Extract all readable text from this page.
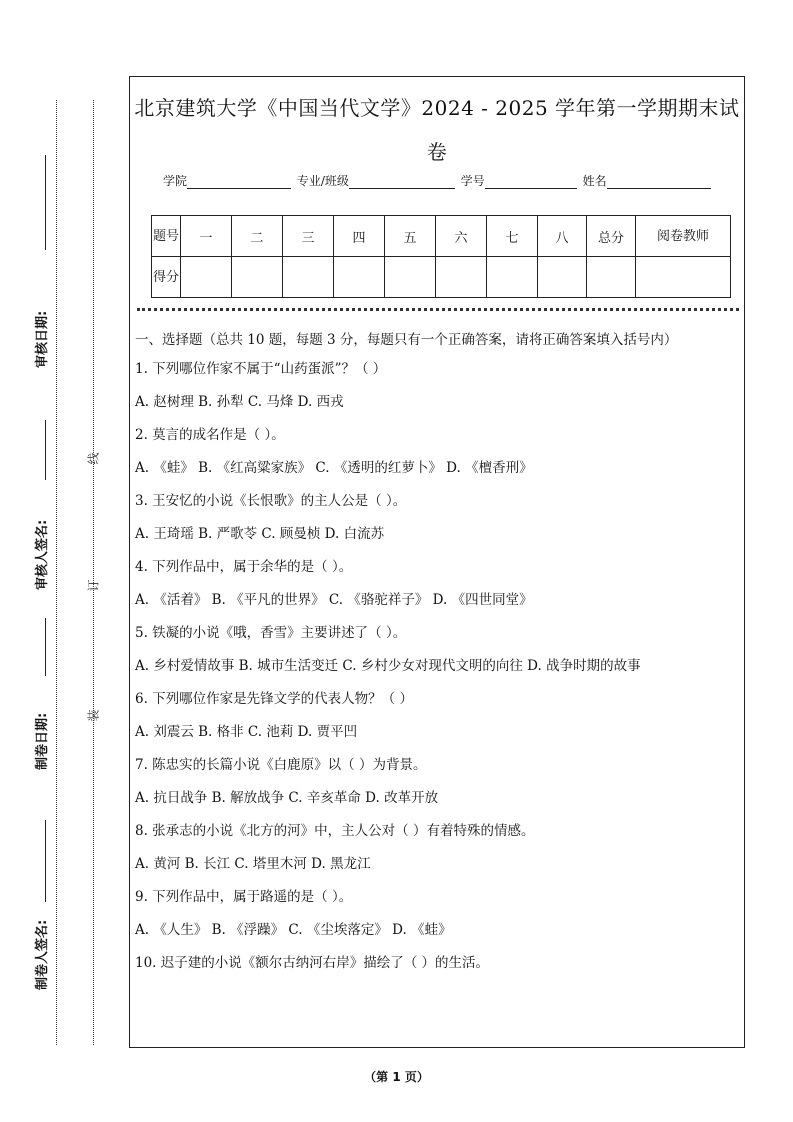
审核日期:
审核人签名:
制卷日期:
制卷人签名:
线
订
装
北京建筑大学《中国当代文学》2024 - 2025 学年第一学期期末试
卷
学院	专业/班级	学号	姓名
题号	一	二	三	四	五	六	七	八	总分	阅卷教师
得分										

一、选择题（总共 10 题，每题 3 分，每题只有一个正确答案，请将正确答案填入括号内）

1. 下列哪位作家不属于“山药蛋派”？（ ）

A. 赵树理 B. 孙犁 C. 马烽 D. 西戎

2. 莫言的成名作是（ ）。

A. 《蛙》 B. 《红高粱家族》 C. 《透明的红萝卜》 D. 《檀香刑》

3. 王安忆的小说《长恨歌》的主人公是（ ）。

A. 王琦瑶 B. 严歌苓 C. 顾曼桢 D. 白流苏

4. 下列作品中，属于余华的是（ ）。

A. 《活着》 B. 《平凡的世界》 C. 《骆驼祥子》 D. 《四世同堂》

5. 铁凝的小说《哦，香雪》主要讲述了（ ）。

A. 乡村爱情故事 B. 城市生活变迁 C. 乡村少女对现代文明的向往 D. 战争时期的故事

6. 下列哪位作家是先锋文学的代表人物？（ ）

A. 刘震云 B. 格非 C. 池莉 D. 贾平凹

7. 陈忠实的长篇小说《白鹿原》以（ ）为背景。

A. 抗日战争 B. 解放战争 C. 辛亥革命 D. 改革开放

8. 张承志的小说《北方的河》中，主人公对（ ）有着特殊的情感。

A. 黄河 B. 长江 C. 塔里木河 D. 黑龙江

9. 下列作品中，属于路遥的是（ ）。

A. 《人生》 B. 《浮躁》 C. 《尘埃落定》 D. 《蛙》

10. 迟子建的小说《额尔古纳河右岸》描绘了（ ）的生活。

（第 1 页）
